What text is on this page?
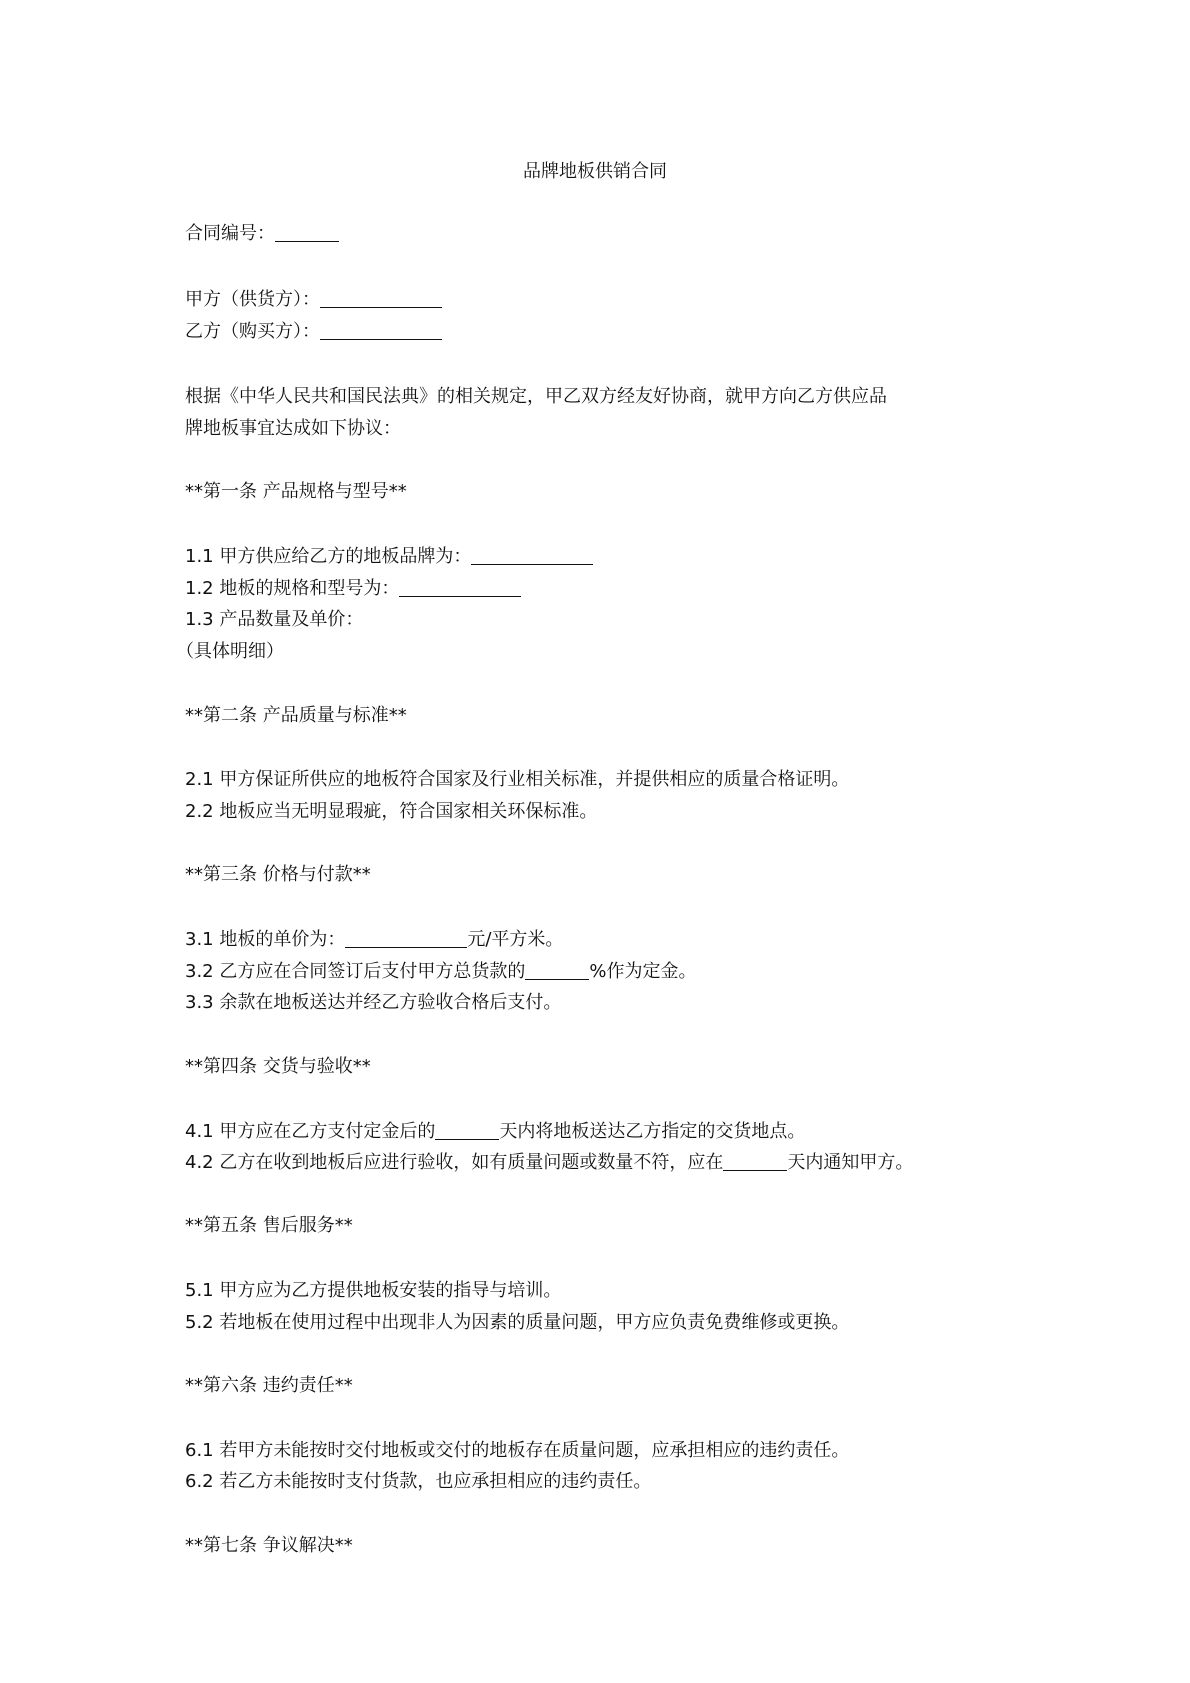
品牌地板供销合同
合同编号：
甲方（供货方）：
乙方（购买方）：
根据《中华人民共和国民法典》的相关规定，甲乙双方经友好协商，就甲方向乙方供应品
牌地板事宜达成如下协议：
**第一条 产品规格与型号**
1.1 甲方供应给乙方的地板品牌为：
1.2 地板的规格和型号为：
1.3 产品数量及单价：
（具体明细）
**第二条 产品质量与标准**
2.1 甲方保证所供应的地板符合国家及行业相关标准，并提供相应的质量合格证明。
2.2 地板应当无明显瑕疵，符合国家相关环保标准。
**第三条 价格与付款**
3.1 地板的单价为：	元/平方米。
3.2 乙方应在合同签订后支付甲方总货款的	%作为定金。
3.3 余款在地板送达并经乙方验收合格后支付。
**第四条 交货与验收**
4.1 甲方应在乙方支付定金后的	天内将地板送达乙方指定的交货地点。
4.2 乙方在收到地板后应进行验收，如有质量问题或数量不符，应在	天内通知甲方。
**第五条 售后服务**
5.1 甲方应为乙方提供地板安装的指导与培训。
5.2 若地板在使用过程中出现非人为因素的质量问题，甲方应负责免费维修或更换。
**第六条 违约责任**
6.1 若甲方未能按时交付地板或交付的地板存在质量问题，应承担相应的违约责任。
6.2 若乙方未能按时支付货款，也应承担相应的违约责任。
**第七条 争议解决**
